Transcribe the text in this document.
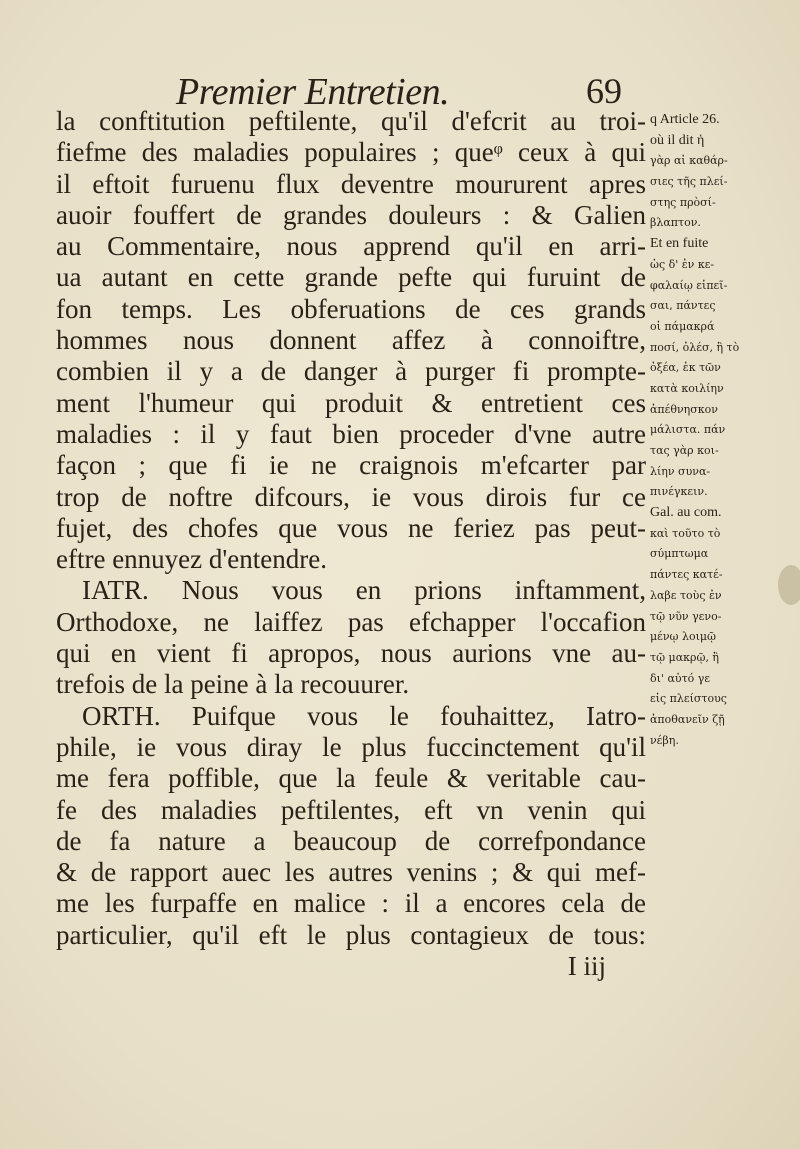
Premier Entretien.	69
la conftitution peftilente, qu'il d'efcrit au troi-
fiefme des maladies populaires ; queᵠ ceux à qui
il eftoit furuenu flux deventre moururent apres
auoir fouffert de grandes douleurs : & Galien
au Commentaire, nous apprend qu'il en arri-
ua autant en cette grande pefte qui furuint de
fon temps. Les obferuations de ces grands
hommes nous donnent affez à connoiftre,
combien il y a de danger à purger fi prompte-
ment l'humeur qui produit & entretient ces
maladies : il y faut bien proceder d'vne autre
façon ; que fi ie ne craignois m'efcarter par
trop de noftre difcours, ie vous dirois fur ce
fujet, des chofes que vous ne feriez pas peut-
eftre ennuyez d'entendre.
IATR. Nous vous en prions inftamment,
Orthodoxe, ne laiffez pas efchapper l'occafion
qui en vient fi apropos, nous aurions vne au-
trefois de la peine à la recouurer.
ORTH. Puifque vous le fouhaittez, Iatro-
phile, ie vous diray le plus fuccinctement qu'il
me fera poffible, que la feule & veritable cau-
fe des maladies peftilentes, eft vn venin qui
de fa nature a beaucoup de correfpondance
& de rapport auec les autres venins ; & qui mef-
me les furpaffe en malice : il a encores cela de
particulier, qu'il eft le plus contagieux de tous:
I iij
q Article 26.
où il dit ἡ
γὰρ αἱ καθάρ-
σιες τῆς πλεί-
στης πρὸσί-
βλαπτον.
Et en fuite
ὡς δ' ἐν κε-
φαλαίῳ εἰπεῖ-
σαι, πάντες
οἱ πάμακρά
ποσί, ὀλέσ, ἢ τὸ
ὀξέα, ἐκ τῶν
κατὰ κοιλίην
ἀπέθνησκον
μάλιστα. πάν
τας γὰρ κοι-
λίην συνα-
πινέγκειν.
Gal. au com.
καὶ τοῦτο τὸ
σύμπτωμα
πάντες κατέ-
λαβε τοὺς ἐν
τῷ νῦν γενο-
μένῳ λοιμῷ
τῷ μακρῷ, ἢ
δι' αὐτό γε
εἰς πλείστους
ἀποθανεῖν ζῇ
νέβη.
